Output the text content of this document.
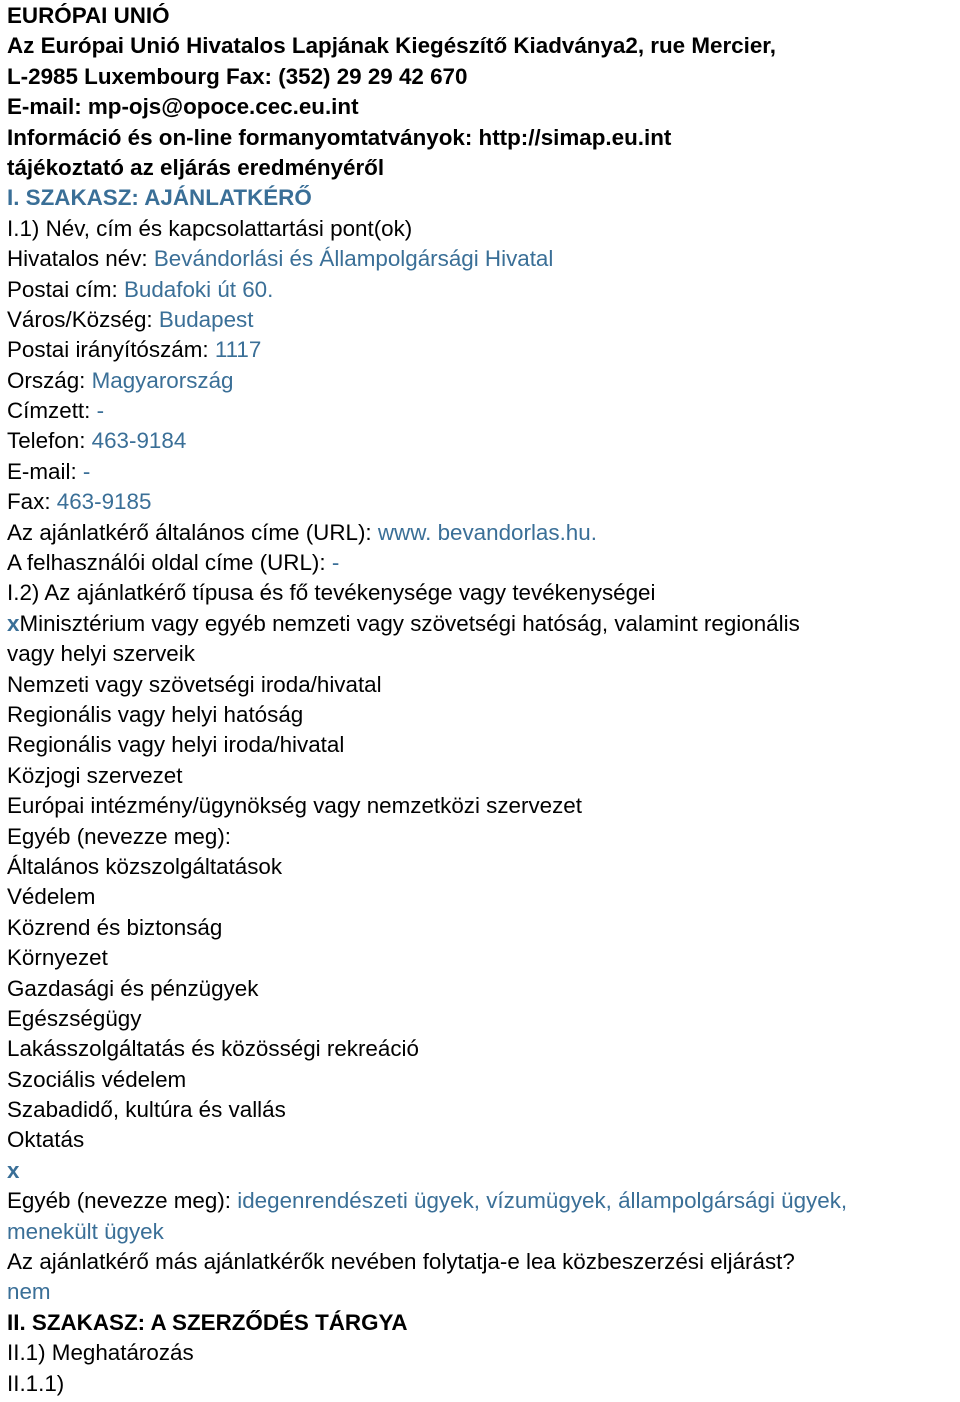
EURÓPAI UNIÓ
Az Európai Unió Hivatalos Lapjának Kiegészítő Kiadványa2, rue Mercier,
L-2985 Luxembourg Fax: (352) 29 29 42 670
E-mail: mp-ojs@opoce.cec.eu.int
Információ és on-line formanyomtatványok: http://simap.eu.int
tájékoztató az eljárás eredményéről
I. SZAKASZ: AJÁNLATKÉRŐ
I.1) Név, cím és kapcsolattartási pont(ok)
Hivatalos név: Bevándorlási és Állampolgársági Hivatal
Postai cím: Budafoki út 60.
Város/Község: Budapest
Postai irányítószám: 1117
Ország: Magyarország
Címzett: -
Telefon: 463-9184
E-mail: -
Fax: 463-9185
Az ajánlatkérő általános címe (URL): www. bevandorlas.hu.
A felhasználói oldal címe (URL): -
I.2) Az ajánlatkérő típusa és fő tevékenysége vagy tevékenységei
xMinisztérium vagy egyéb nemzeti vagy szövetségi hatóság, valamint regionális
vagy helyi szerveik
Nemzeti vagy szövetségi iroda/hivatal
Regionális vagy helyi hatóság
Regionális vagy helyi iroda/hivatal
Közjogi szervezet
Európai intézmény/ügynökség vagy nemzetközi szervezet
Egyéb (nevezze meg):
Általános közszolgáltatások
Védelem
Közrend és biztonság
Környezet
Gazdasági és pénzügyek
Egészségügy
Lakásszolgáltatás és közösségi rekreáció
Szociális védelem
Szabadidő, kultúra és vallás
Oktatás
x
Egyéb (nevezze meg): idegenrendészeti ügyek, vízumügyek, állampolgársági ügyek,
menekült ügyek
Az ajánlatkérő más ajánlatkérők nevében folytatja-e lea közbeszerzési eljárást?
nem
II. SZAKASZ: A SZERZŐDÉS TÁRGYA
II.1) Meghatározás
II.1.1)
